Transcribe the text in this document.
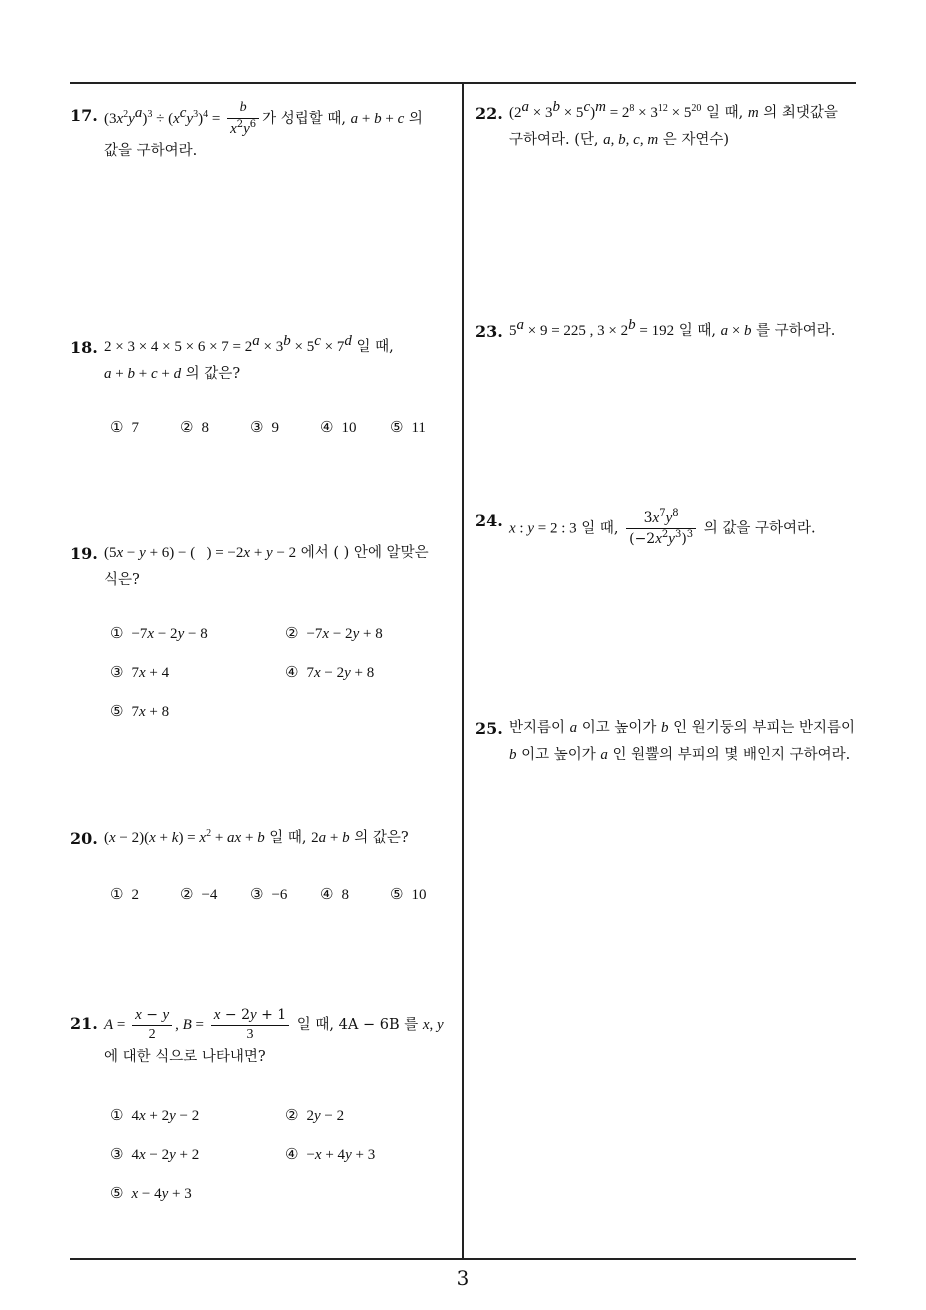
17. $(3x^2y^a)^3 \div (x^cy^3)^4 = \frac{b}{x^2y^6}$ 가 성립할 때, a + b + c 의
값을 구하여라.
18. $2 \times 3 \times 4 \times 5 \times 6 \times 7 = 2^a \times 3^b \times 5^c \times 7^d$ 일 때,
a + b + c + d 의 값은?
① 7	② 8	③ 9	④ 10 ⑤ 11
19. (5x − y + 6) − (   ) = −2x + y − 2 에서 ( ) 안에 알맞은
식은?
① −7x − 2y − 8	② −7x − 2y + 8
③ 7x + 4	④ 7x − 2y + 8
⑤ 7x + 8
20. $(x - 2)(x + k) = x^2$ + ax + b 일 때, 2a + b 의 값은?
① 2	② −4 ③ −6 ④ 8	⑤ 10
21. $A = \frac{x - y}{2}$ , $B = \frac{x - 2y + 1}{3}$ 일 때, 4A − 6B 를 x, y
에 대한 식으로 나타내면?
① 4x + 2y − 2	② 2y − 2
③ 4x − 2y + 2	④ −x + 4y + 3
⑤ x − 4y + 3
22. $(2^a \times 3^b \times 5^c)^m = 2^8 \times 3^{12} \times 5^{20}$ 일 때, m 의 최댓값을
구하여라. (단, a, b, c, m 은 자연수)
23. $5^a \times 9 = 225$ , $3 \times 2^b = 192$ 일 때, a × b 를 구하여라.
24. x : y = 2 : 3 일 때, $\frac{3x^7y^8}{(-2x^2y^3)^3}$ 의 값을 구하여라.
25. 반지름이 a 이고 높이가 b 인 원기둥의 부피는 반지름이
b 이고 높이가 a 인 원뿔의 부피의 몇 배인지 구하여라.
3
